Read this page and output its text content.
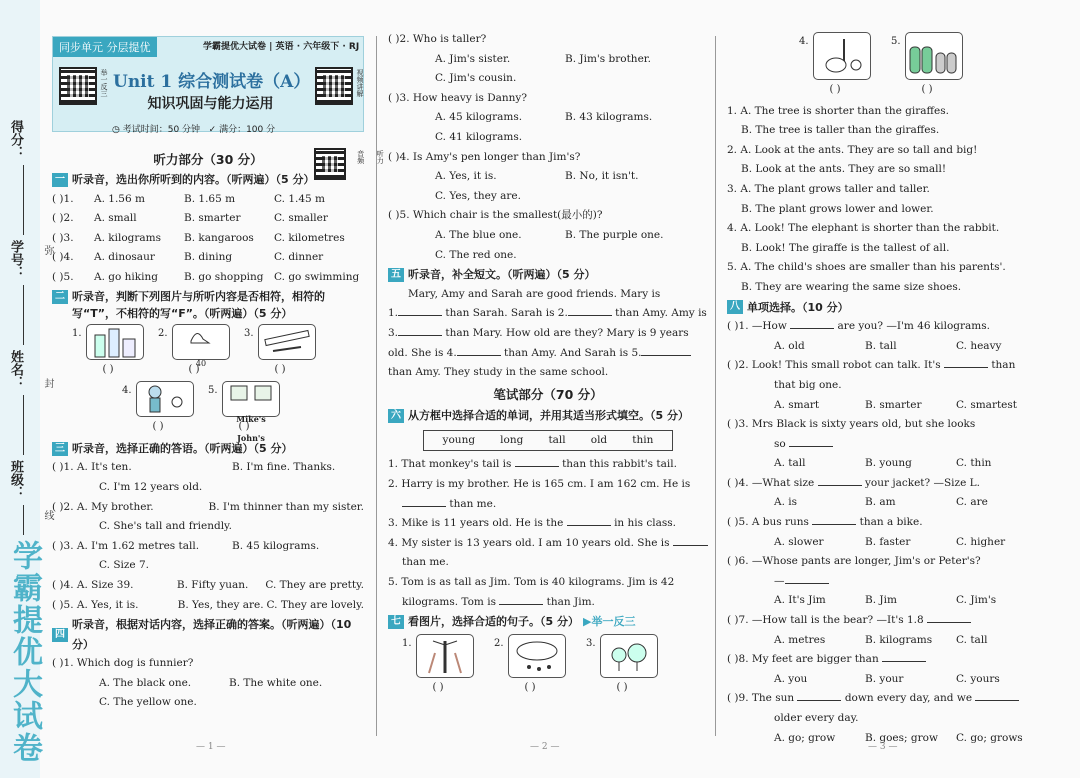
得分：
学号：
姓名：
班级：
弥
封
线
学霸提优大试卷
同步单元 分层提优	学霸提优大试卷 | 英语 · 六年级下 · RJ
举一反三 Unit 1 综合测试卷（A）
知识巩固与能力运用
视频讲解
◷ 考试时间：50 分钟 ✓ 满分：100 分
听力部分（30 分）	听力音频
一 听录音，选出你所听到的内容。（听两遍）（5 分）
( )1.	A. 1.56 m	B. 1.65 m	C. 1.45 m
( )2.	A. small	B. smarter	C. smaller
( )3.	A. kilograms	B. kangaroos	C. kilometres
( )4.	A. dinosaur	B. dining	C. dinner
( )5.	A. go hiking	B. go shopping C. go swimming
二 听录音，判断下列图片与所听内容是否相符，相符的写“T”，不相符的写“F”。（听两遍）（5 分）
1.
( )
2.
40
( )
3.
( )
4.
( )
5.
Mike's John's
( )
三 听录音，选择正确的答语。（听两遍）（5 分）
( )1. A. It's ten.	B. I'm fine. Thanks.
C. I'm 12 years old.
( )2. A. My brother.	B. I'm thinner than my sister.
C. She's tall and friendly.
( )3. A. I'm 1.62 metres tall.	B. 45 kilograms.
C. Size 7.
( )4. A. Size 39.	B. Fifty yuan.	C. They are pretty.
( )5. A. Yes, it is.	B. Yes, they are. C. They are lovely.
四
听录音，根据对话内容，选择正确的答案。（听两遍）（10 分）
( )1. Which dog is funnier?
A. The black one.	B. The white one.
C. The yellow one.
( )2. Who is taller?
A. Jim's sister.	B. Jim's brother.
C. Jim's cousin.
( )3. How heavy is Danny?
A. 45 kilograms.	B. 43 kilograms.
C. 41 kilograms.
( )4. Is Amy's pen longer than Jim's?
A. Yes, it is.	B. No, it isn't.
C. Yes, they are.
( )5. Which chair is the smallest(最小的)?
A. The blue one.	B. The purple one.
C. The red one.
五 听录音，补全短文。（听两遍）（5 分）
Mary, Amy and Sarah are good friends. Mary is
1.
	than Sarah. Sarah is 2.
	than Amy. Amy is
3.
	than Mary. How old are they? Mary is 9 years
old. She is 4.
	than Amy. And Sarah is 5.
than Amy. They study in the same school.
笔试部分（70 分）
六 从方框中选择合适的单词，并用其适当形式填空。（5 分）
young long tall old thin
1. That monkey's tail is

	than this rabbit's tail.
2. Harry is my brother. He is 165 cm. I am 162 cm. He is

than me.
3. Mike is 11 years old. He is the

	in his class.
4. My sister is 13 years old. I am 10 years old. She is

than me.
5. Tom is as tall as Jim. Tom is 40 kilograms. Jim is 42
kilograms. Tom is

	than Jim.
七 看图片，选择合适的句子。（5 分） ▶ 举一反三
1.
( )
2.
( )
3.
( )
4.
( )
5.
( )
1. A. The tree is shorter than the giraffes.
B. The tree is taller than the giraffes.
2. A. Look at the ants. They are so tall and big!
B. Look at the ants. They are so small!
3. A. The plant grows taller and taller.
B. The plant grows lower and lower.
4. A. Look! The elephant is shorter than the rabbit.
B. Look! The giraffe is the tallest of all.
5. A. The child's shoes are smaller than his parents'.
B. They are wearing the same size shoes.
八 单项选择。（10 分）
( )1. —How

	are you? —I'm 46 kilograms.
A. old	B. tall	C. heavy
( )2. Look! This small robot can talk. It's

	than
that big one.
A. smart	B. smarter	C. smartest
( )3. Mrs Black is sixty years old, but she looks
so

A. tall	B. young	C. thin
( )4. —What size

	your jacket? —Size L.
A. is	B. am	C. are
( )5. A bus runs

	than a bike.
A. slower	B. faster	C. higher
( )6. —Whose pants are longer, Jim's or Peter's?
—
A. It's Jim	B. Jim	C. Jim's
( )7. —How tall is the bear? —It's 1.8

A. metres	B. kilograms	C. tall
( )8. My feet are bigger than

A. you	B. your	C. yours
( )9. The sun

	down every day, and we

older every day.
A. go; grow	B. goes; grow	C. go; grows
— 1 —	— 2 —	— 3 —
